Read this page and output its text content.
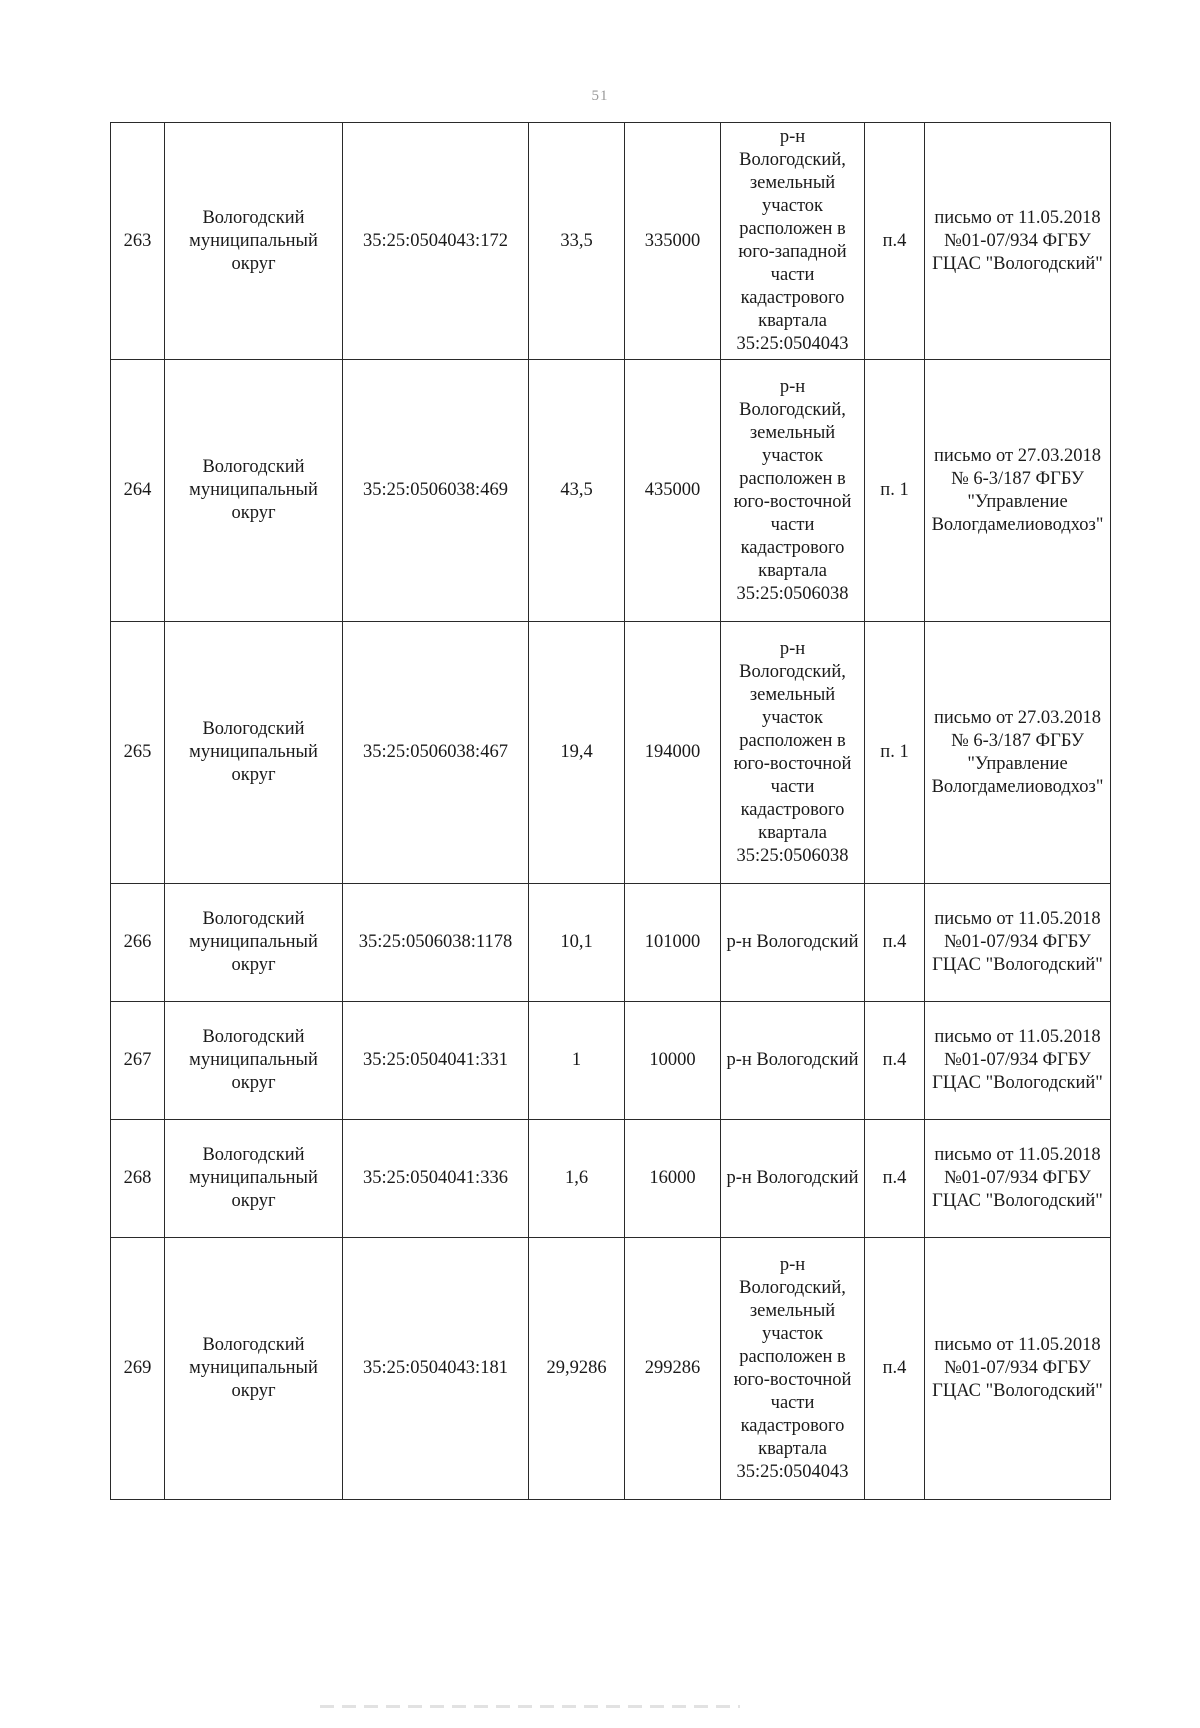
51
263	Вологодский муниципальный округ	35:25:0504043:172	33,5	335000	р-н Вологодский, земельный участок расположен в юго-западной части кадастрового квартала 35:25:0504043	п.4	письмо от 11.05.2018 №01-07/934 ФГБУ ГЦАС "Вологодский"
264	Вологодский муниципальный округ	35:25:0506038:469	43,5	435000	р-н Вологодский, земельный участок расположен в юго-восточной части кадастрового квартала 35:25:0506038	п. 1	письмо от 27.03.2018 № 6-3/187 ФГБУ "Управление Вологдамелиоводхоз"
265	Вологодский муниципальный округ	35:25:0506038:467	19,4	194000	р-н Вологодский, земельный участок расположен в юго-восточной части кадастрового квартала 35:25:0506038	п. 1	письмо от 27.03.2018 № 6-3/187 ФГБУ "Управление Вологдамелиоводхоз"
266	Вологодский муниципальный округ	35:25:0506038:1178	10,1	101000	р-н Вологодский	п.4	письмо от 11.05.2018 №01-07/934 ФГБУ ГЦАС "Вологодский"
267	Вологодский муниципальный округ	35:25:0504041:331	1	10000	р-н Вологодский	п.4	письмо от 11.05.2018 №01-07/934 ФГБУ ГЦАС "Вологодский"
268	Вологодский муниципальный округ	35:25:0504041:336	1,6	16000	р-н Вологодский	п.4	письмо от 11.05.2018 №01-07/934 ФГБУ ГЦАС "Вологодский"
269	Вологодский муниципальный округ	35:25:0504043:181	29,9286	299286	р-н Вологодский, земельный участок расположен в юго-восточной части кадастрового квартала 35:25:0504043	п.4	письмо от 11.05.2018 №01-07/934 ФГБУ ГЦАС "Вологодский"
